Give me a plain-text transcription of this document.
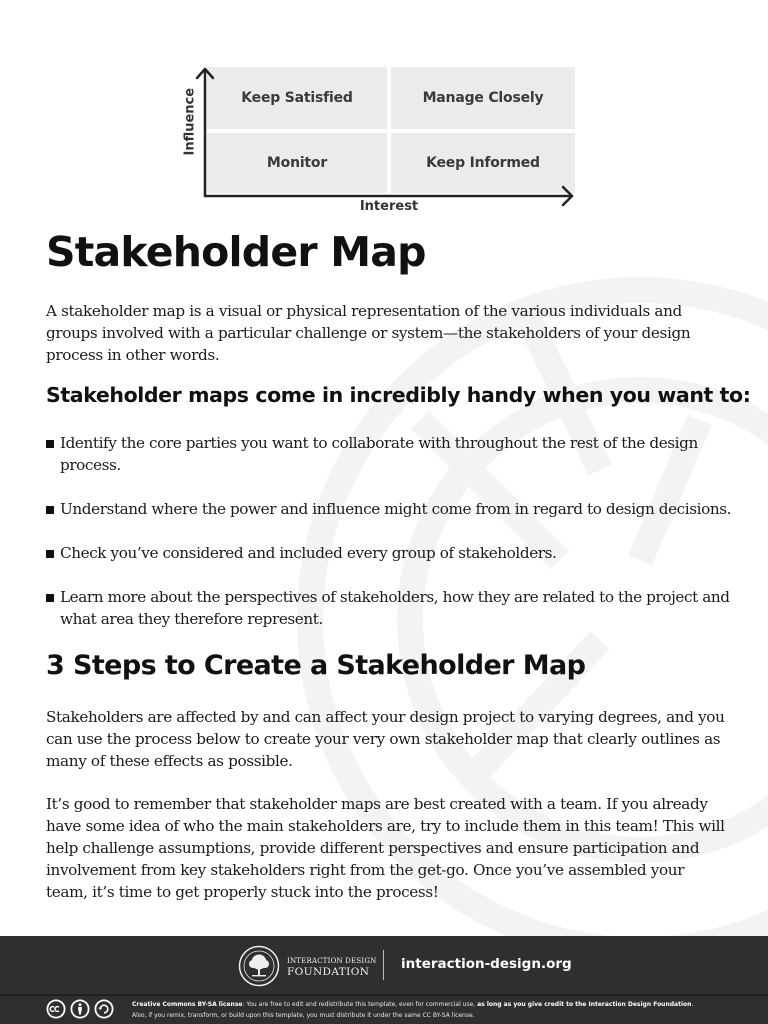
Keep Satisfied	Manage Closely
Monitor	Keep Informed
Influence
Interest
Stakeholder Map

A stakeholder map is a visual or physical representation of the various individuals and groups involved with a particular challenge or system—the stakeholders of your design process in other words.

Stakeholder maps come in incredibly handy when you want to:
Identify the core parties you want to collaborate with throughout the rest of the design process.
Understand where the power and influence might come from in regard to design decisions.
Check you’ve considered and included every group of stakeholders.
Learn more about the perspectives of stakeholders, how they are related to the project and what area they therefore represent.
3 Steps to Create a Stakeholder Map

Stakeholders are affected by and can affect your design project to varying degrees, and you can use the process below to create your very own stakeholder map that clearly outlines as many of these effects as possible.

It’s good to remember that stakeholder maps are best created with a team. If you already have some idea of who the main stakeholders are, try to include them in this team! This will help challenge assumptions, provide different perspectives and ensure participation and involvement from key stakeholders right from the get-go. Once you’ve assembled your team, it’s time to get properly stuck into the process!

INTERACTION DESIGN
FOUNDATION	interaction-design.org
Creative Commons BY-SA license: You are free to edit and redistribute this template, even for commercial use, as long as you give credit to the Interaction Design Foundation.
Also, if you remix, transform, or build upon this template, you must distribute it under the same CC BY-SA license.
